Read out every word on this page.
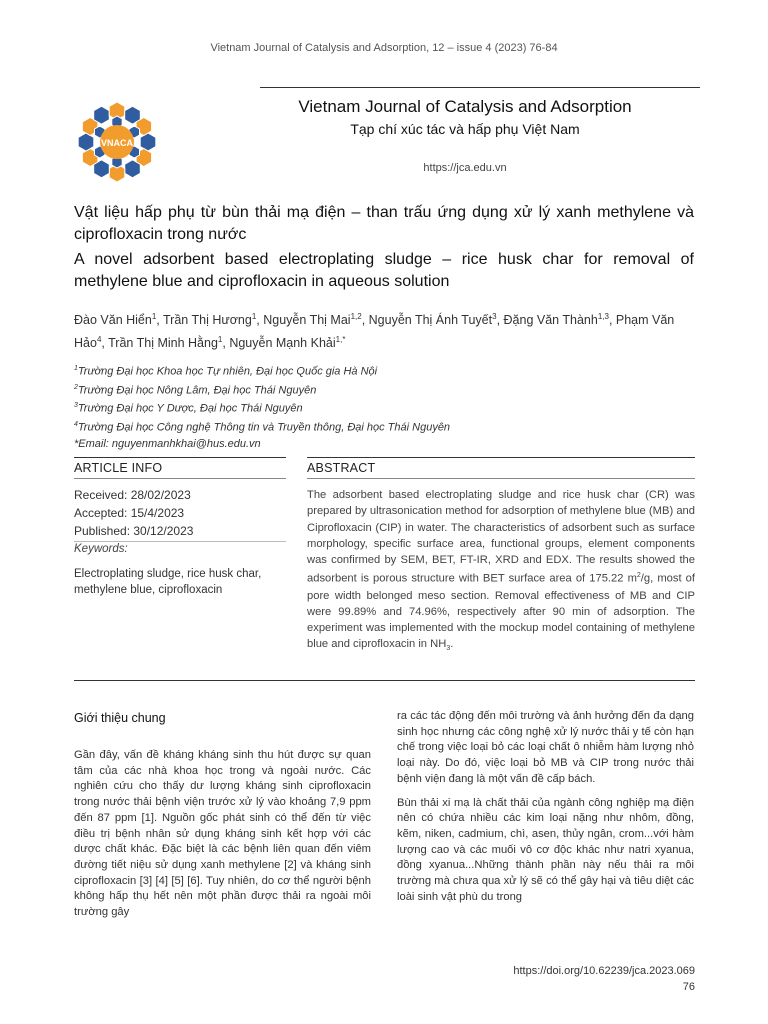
Vietnam Journal of Catalysis and Adsorption, 12 – issue 4 (2023) 76-84
VNACA
Vietnam Journal of Catalysis and Adsorption
Tạp chí xúc tác và hấp phụ Việt Nam
https://jca.edu.vn
Vật liệu hấp phụ từ bùn thải mạ điện – than trấu ứng dụng xử lý xanh methylene và ciprofloxacin trong nước
A novel adsorbent based electroplating sludge – rice husk char for removal of methylene blue and ciprofloxacin in aqueous solution
Đào Văn Hiển$^1$, Trần Thị Hương$^1$, Nguyễn Thị Mai$^{1,2}$, Nguyễn Thị Ánh Tuyết$^3$, Đặng Văn Thành$^{1,3}$, Phạm Văn Hảo$^4$, Trần Thị Minh Hằng$^1$, Nguyễn Mạnh Khải$^{1,*}$
$^1$Trường Đại học Khoa học Tự nhiên, Đại học Quốc gia Hà Nội
$^2$Trường Đại học Nông Lâm, Đại học Thái Nguyên
$^3$Trường Đại học Y Dược, Đại học Thái Nguyên
$^4$Trường Đại học Công nghệ Thông tin và Truyền thông, Đại học Thái Nguyên
*Email: nguyenmanhkhai@hus.edu.vn
ARTICLE INFO	ABSTRACT
Received: 28/02/2023
Accepted: 15/4/2023
Published: 30/12/2023
Keywords:
Electroplating sludge, rice husk char, methylene blue, ciprofloxacin
The adsorbent based electroplating sludge and rice husk char (CR) was prepared by ultrasonication method for adsorption of methylene blue (MB) and Ciprofloxacin (CIP) in water. The characteristics of adsorbent such as surface morphology, specific surface area, functional groups, element components was confirmed by SEM, BET, FT-IR, XRD and EDX. The results showed the adsorbent is porous structure with BET surface area of 175.22 $m^2/g$, most of pore width belonged meso section. Removal effectiveness of MB and CIP were 99.89% and 74.96%, respectively after 90 min of adsorption. The experiment was implemented with the mockup model containing of methylene blue and ciprofloxacin in $NH_3$.
Giới thiệu chung

Gần đây, vấn đề kháng kháng sinh thu hút được sự quan tâm của các nhà khoa học trong và ngoài nước. Các nghiên cứu cho thấy dư lượng kháng sinh ciprofloxacin trong nước thải bệnh viện trước xử lý vào khoảng 7,9 ppm đến 87 ppm [1]. Nguồn gốc phát sinh có thể đến từ việc điều trị bệnh nhân sử dụng kháng sinh kết hợp với các dược chất khác. Đặc biệt là các bệnh liên quan đến viêm đường tiết niệu sử dụng xanh methylene [2] và kháng sinh ciprofloxacin [3] [4] [5] [6]. Tuy nhiên, do cơ thể người bệnh không hấp thụ hết nên một phần được thải ra ngoài môi trường gây

ra các tác động đến môi trường và ảnh hưởng đến đa dạng sinh học nhưng các công nghệ xử lý nước thải y tế còn hạn chế trong việc loại bỏ các loại chất ô nhiễm hàm lượng nhỏ loại này. Do đó, việc loại bỏ MB và CIP trong nước thải bệnh viện đang là một vấn đề cấp bách.

Bùn thải xi mạ là chất thải của ngành công nghiệp mạ điện nên có chứa nhiều các kim loại nặng như nhôm, đồng, kẽm, niken, cadmium, chì, asen, thủy ngân, crom...với hàm lượng cao và các muối vô cơ độc khác như natri xyanua, đồng xyanua...Những thành phần này nếu thải ra môi trường mà chưa qua xử lý sẽ có thể gây hại và tiêu diệt các loài sinh vật phù du trong

https://doi.org/10.62239/jca.2023.069
76
